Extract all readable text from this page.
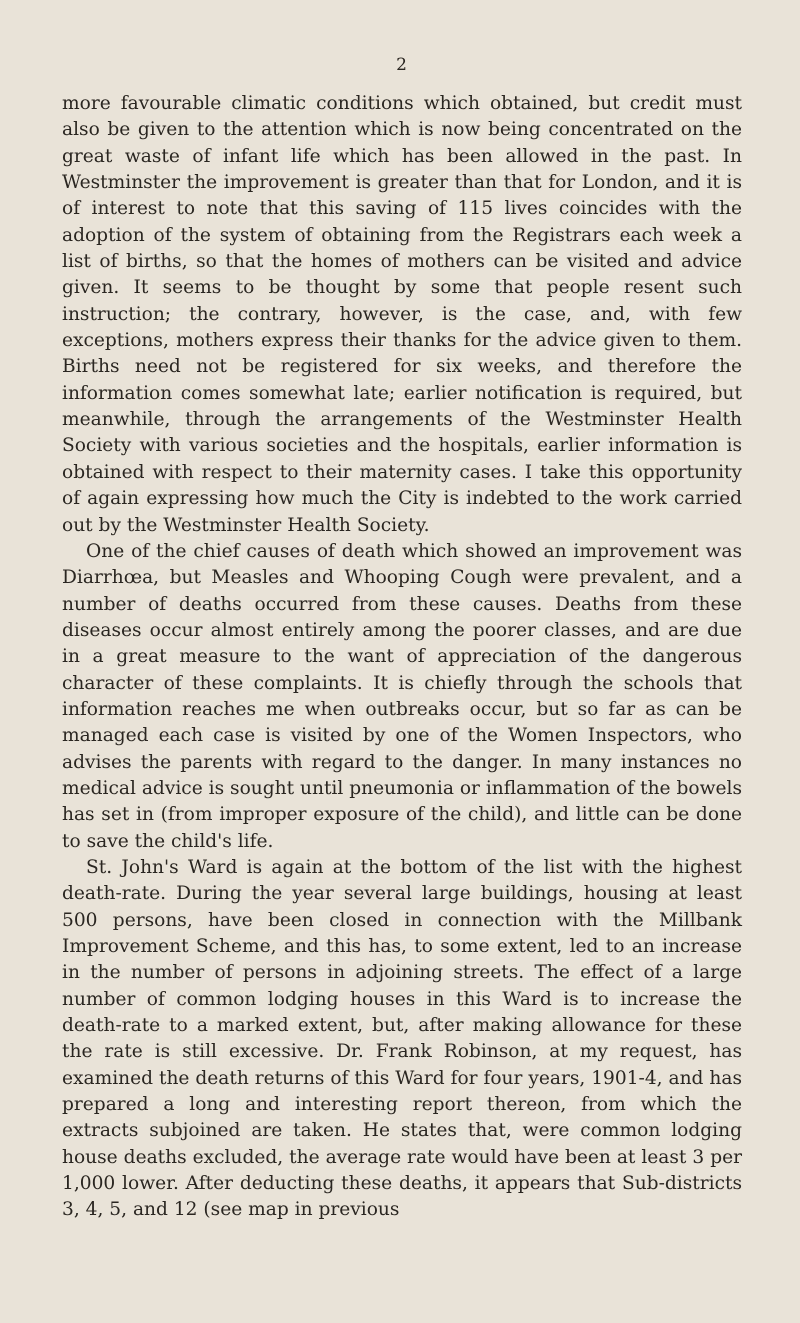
2

more favourable climatic conditions which obtained, but credit must also be given to the attention which is now being concentrated on the great waste of infant life which has been allowed in the past. In Westminster the improvement is greater than that for London, and it is of interest to note that this saving of 115 lives coincides with the adoption of the system of obtaining from the Registrars each week a list of births, so that the homes of mothers can be visited and advice given. It seems to be thought by some that people resent such instruction; the contrary, however, is the case, and, with few exceptions, mothers express their thanks for the advice given to them. Births need not be registered for six weeks, and therefore the information comes somewhat late; earlier notification is required, but meanwhile, through the arrangements of the Westminster Health Society with various societies and the hospitals, earlier information is obtained with respect to their maternity cases. I take this opportunity of again expressing how much the City is indebted to the work carried out by the Westminster Health Society.

One of the chief causes of death which showed an improvement was Diarrhœa, but Measles and Whooping Cough were prevalent, and a number of deaths occurred from these causes. Deaths from these diseases occur almost entirely among the poorer classes, and are due in a great measure to the want of appreciation of the dangerous character of these complaints. It is chiefly through the schools that information reaches me when outbreaks occur, but so far as can be managed each case is visited by one of the Women Inspectors, who advises the parents with regard to the danger. In many instances no medical advice is sought until pneumonia or inflammation of the bowels has set in (from improper exposure of the child), and little can be done to save the child's life.

St. John's Ward is again at the bottom of the list with the highest death-rate. During the year several large buildings, housing at least 500 persons, have been closed in connection with the Millbank Improvement Scheme, and this has, to some extent, led to an increase in the number of persons in adjoining streets. The effect of a large number of common lodging houses in this Ward is to increase the death-rate to a marked extent, but, after making allowance for these the rate is still excessive. Dr. Frank Robinson, at my request, has examined the death returns of this Ward for four years, 1901-4, and has prepared a long and interesting report thereon, from which the extracts subjoined are taken. He states that, were common lodging house deaths excluded, the average rate would have been at least 3 per 1,000 lower. After deducting these deaths, it appears that Sub-districts 3, 4, 5, and 12 (see map in previous
